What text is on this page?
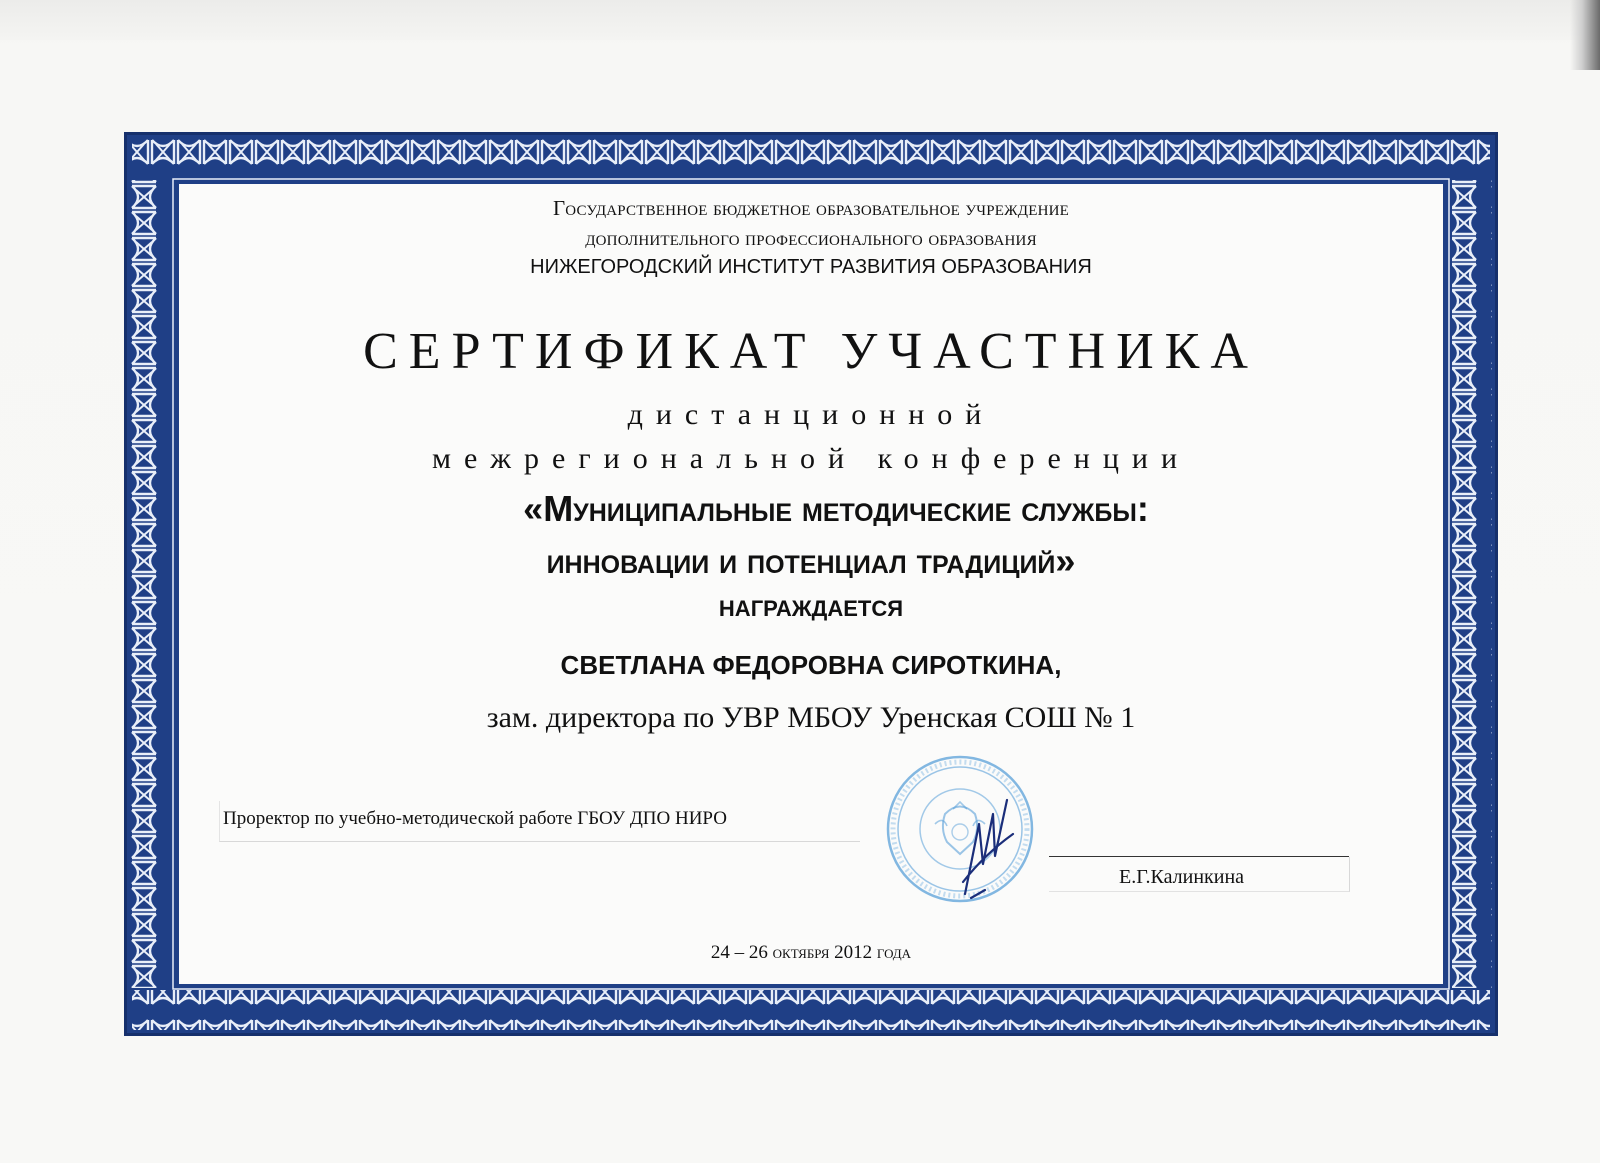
Государственное бюджетное образовательное учреждение
дополнительного профессионального образования
НИЖЕГОРОДСКИЙ ИНСТИТУТ РАЗВИТИЯ ОБРАЗОВАНИЯ
СЕРТИФИКАТ УЧАСТНИКА
дистанционной
межрегиональной конференции
«Муниципальные методические службы:
инновации и потенциал традиций»
НАГРАЖДАЕТСЯ
СВЕТЛАНА ФЕДОРОВНА СИРОТКИНА,
зам. директора по УВР МБОУ Уренская СОШ № 1
Проректор по учебно-методической работе ГБОУ ДПО НИРО
Е.Г.Калинкина
24 – 26 октября 2012 года
